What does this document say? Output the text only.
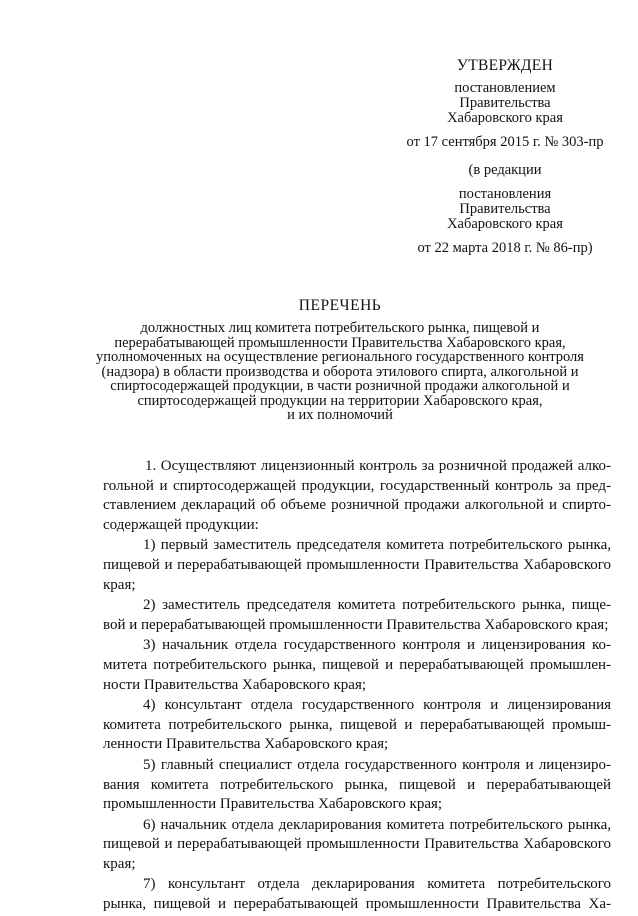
УТВЕРЖДЕН
постановлением
Правительства
Хабаровского края
от 17 сентября 2015 г. № 303-пр
(в редакции
постановления
Правительства
Хабаровского края
от 22 марта 2018 г. № 86-пр)
ПЕРЕЧЕНЬ
должностных лиц комитета потребительского рынка, пищевой и
перерабатывающей промышленности Правительства Хабаровского края,
уполномоченных на осуществление регионального государственного контроля
(надзора) в области производства и оборота этилового спирта, алкогольной и
спиртосодержащей продукции, в части розничной продажи алкогольной и
спиртосодержащей продукции на территории Хабаровского края,
и их полномочий
1. Осуществляют лицензионный контроль за розничной продажей алко-
гольной и спиртосодержащей продукции, государственный контроль за пред-
ставлением деклараций об объеме розничной продажи алкогольной и спирто-
содержащей продукции:
1) первый заместитель председателя комитета потребительского рынка,
пищевой и перерабатывающей промышленности Правительства Хабаровского
края;
2) заместитель председателя комитета потребительского рынка, пище-
вой и перерабатывающей промышленности Правительства Хабаровского края;
3) начальник отдела государственного контроля и лицензирования ко-
митета потребительского рынка, пищевой и перерабатывающей промышлен-
ности Правительства Хабаровского края;
4) консультант отдела государственного контроля и лицензирования
комитета потребительского рынка, пищевой и перерабатывающей промыш-
ленности Правительства Хабаровского края;
5) главный специалист отдела государственного контроля и лицензиро-
вания комитета потребительского рынка, пищевой и перерабатывающей
промышленности Правительства Хабаровского края;
6) начальник отдела декларирования комитета потребительского рынка,
пищевой и перерабатывающей промышленности Правительства Хабаровского
края;
7) консультант отдела декларирования комитета потребительского
рынка, пищевой и перерабатывающей промышленности Правительства Ха-
